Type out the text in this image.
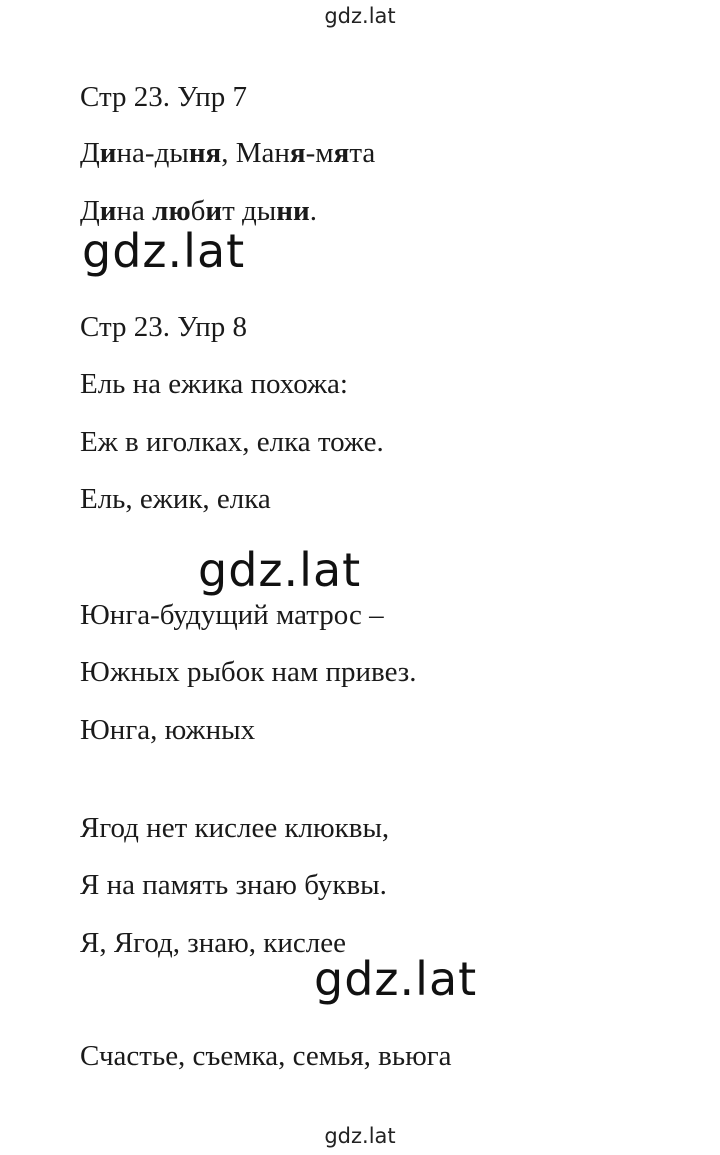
gdz.lat
Стр 23. Упр 7
Дина-дыня, Маня-мята
Дина любит дыни.
gdz.lat
Стр 23. Упр 8
Ель на ежика похожа:
Еж в иголках, елка тоже.
Ель, ежик, елка
gdz.lat
Юнга-будущий матрос –
Южных рыбок нам привез.
Юнга, южных
Ягод нет кислее клюквы,
Я на память знаю буквы.
Я, Ягод, знаю, кислее
gdz.lat
Счастье, съемка, семья, вьюга
gdz.lat
